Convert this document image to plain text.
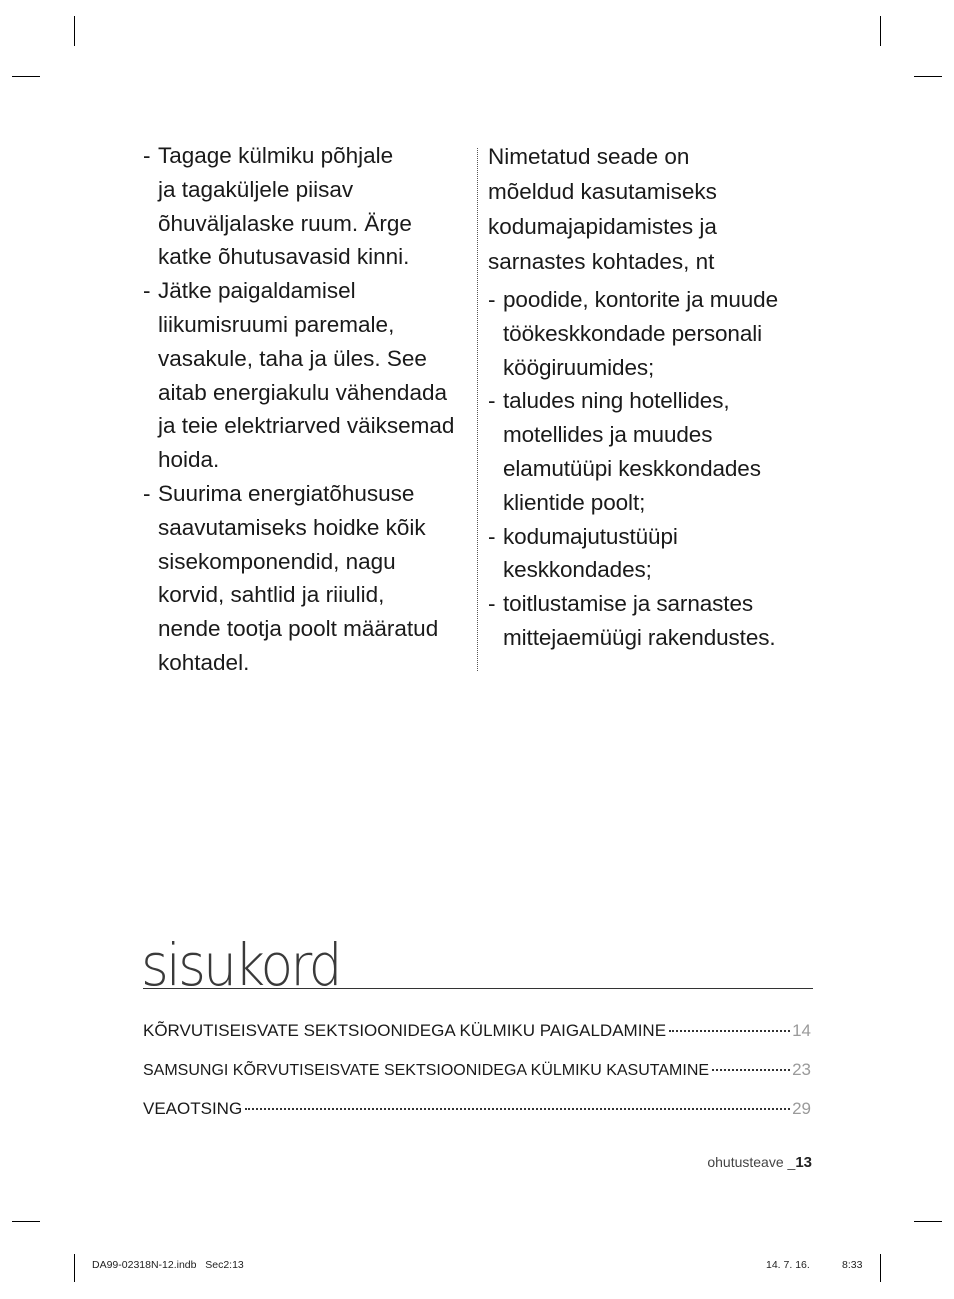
- Tagage külmiku põhjale
ja tagaküljele piisav
õhuväljalaske ruum. Ärge
katke õhutusavasid kinni.
- Jätke paigaldamisel
liikumisruumi paremale,
vasakule, taha ja üles. See
aitab energiakulu vähendada
ja teie elektriarved väiksemad
hoida.
- Suurima energiatõhususe
saavutamiseks hoidke kõik
sisekomponendid, nagu
korvid, sahtlid ja riiulid,
nende tootja poolt määratud
kohtadel.
Nimetatud seade on
mõeldud kasutamiseks
kodumajapidamistes ja
sarnastes kohtades, nt
- poodide, kontorite ja muude
töökeskkondade personali
köögiruumides;
- taludes ning hotellides,
motellides ja muudes
elamutüüpi keskkondades
klientide poolt;
- kodumajutustüüpi
keskkondades;
- toitlustamise ja sarnastes
mittejaemüügi rakendustes.
sisukord
KÕRVUTISEISVATE SEKTSIOONIDEGA KÜLMIKU PAIGALDAMINE	14
SAMSUNGI KÕRVUTISEISVATE SEKTSIOONIDEGA KÜLMIKU KASUTAMINE	23
VEAOTSING	29
ohutusteave _13
DA99-02318N-12.indb   Sec2:13	14. 7. 16.	8:33
